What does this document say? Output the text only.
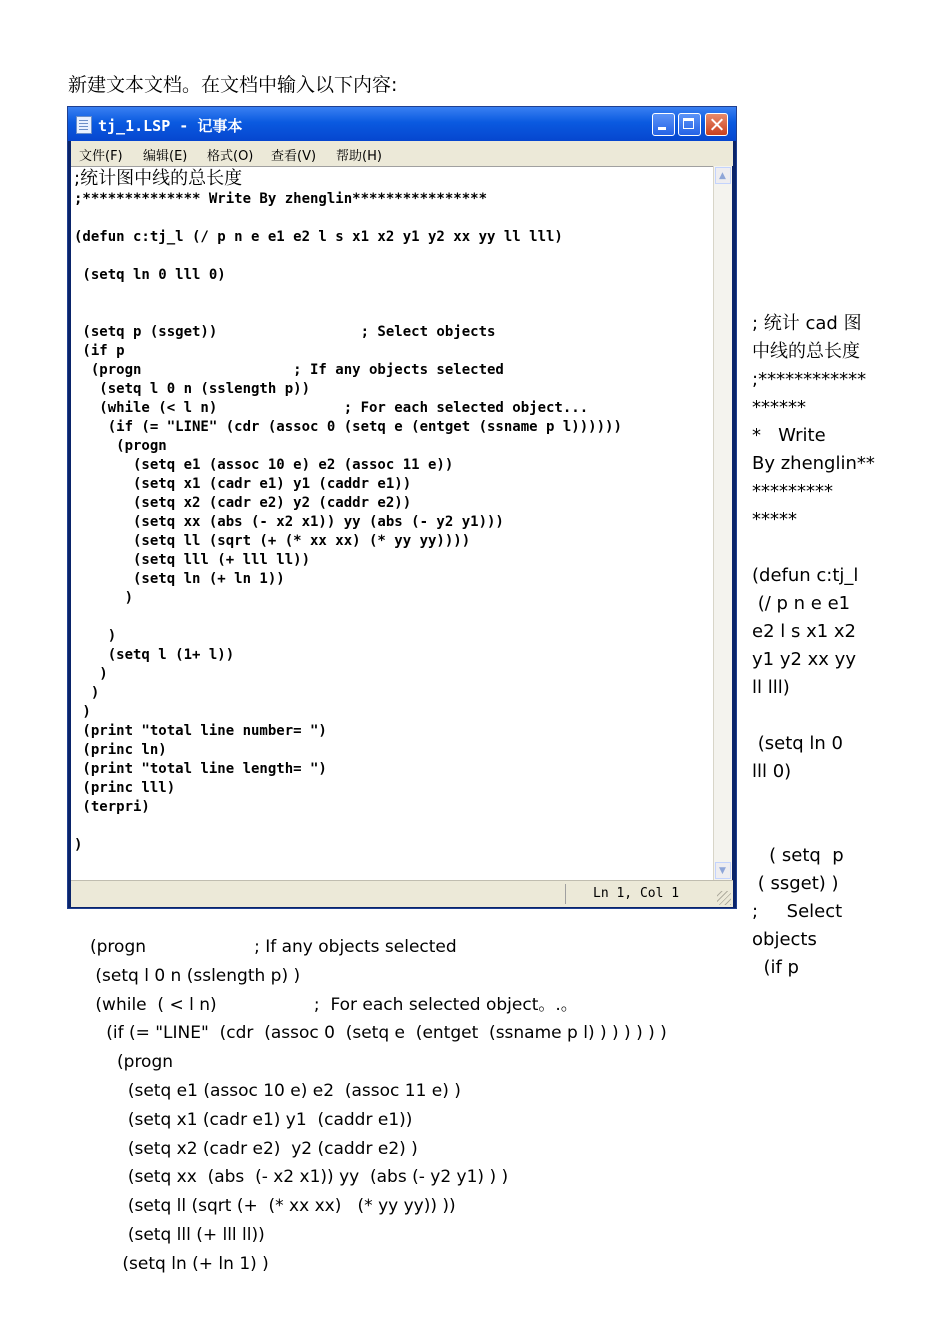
新建文本文档。在文档中输入以下内容:
tj_1.LSP - 记事本
文件(F) 编辑(E) 格式(O) 查看(V) 帮助(H)
;统计图中线的总长度
;************** Write By zhenglin****************

(defun c:tj_l (/ p n e e1 e2 l s x1 x2 y1 y2 xx yy ll lll)

(setq ln 0 lll 0)

(setq p (ssget))                 ; Select objects
(if p
(progn                  ; If any objects selected
(setq l 0 n (sslength p))
(while (< l n)               ; For each selected object...
(if (= "LINE" (cdr (assoc 0 (setq e (entget (ssname p l))))))
(progn
(setq e1 (assoc 10 e) e2 (assoc 11 e))
(setq x1 (cadr e1) y1 (caddr e1))
(setq x2 (cadr e2) y2 (caddr e2))
(setq xx (abs (- x2 x1)) yy (abs (- y2 y1)))
(setq ll (sqrt (+ (* xx xx) (* yy yy))))
(setq lll (+ lll ll))
(setq ln (+ ln 1))
)

)
(setq l (1+ l))
)
)
)
(print "total line number= ")
(princ ln)
(print "total line length= ")
(princ lll)
(terpri)

)
▲
▼
Ln 1, Col 1
; 统计 cad 图
中线的总长度
;************
******
*   Write
By zhenglin**
*********
*****

(defun c:tj_l
(/ p n e e1
e2 l s x1 x2
y1 y2 xx yy
ll lll)

(setq ln 0
lll 0)

( setq  p
( ssget) )
;     Select
objects
(if p
(progn                    ; If any objects selected
(setq l 0 n (sslength p) )
(while  ( < l n)                  ;  For each selected object。.。
(if (= "LINE"  (cdr  (assoc 0  (setq e  (entget  (ssname p l) ) ) ) ) ) )
(progn
(setq e1 (assoc 10 e) e2  (assoc 11 e) )
(setq x1 (cadr e1) y1  (caddr e1))
(setq x2 (cadr e2)  y2 (caddr e2) )
(setq xx  (abs  (- x2 x1)) yy  (abs (- y2 y1) ) )
(setq ll (sqrt (+  (* xx xx)   (* yy yy)) ))
(setq lll (+ lll ll))
(setq ln (+ ln 1) )
